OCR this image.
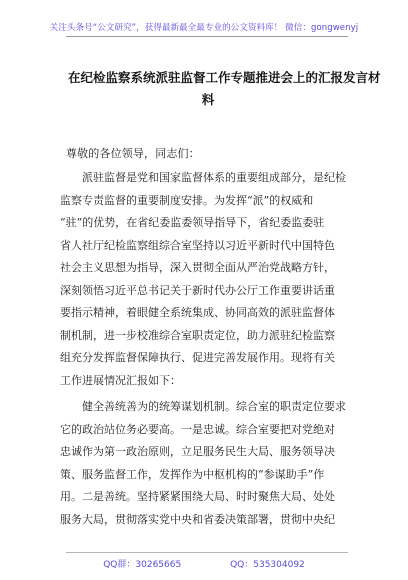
关注头条号“公文研究”，获得最新最全最专业的公文资料库！ 微信：gongwenyj
在纪检监察系统派驻监督工作专题推进会上的汇报发言材
料
尊敬的各位领导，同志们：
　　派驻监督是党和国家监督体系的重要组成部分，是纪检
监察专责监督的重要制度安排。为发挥“派”的权威和
“驻”的优势，在省纪委监委领导指导下，省纪委监委驻
省人社厅纪检监察组综合室坚持以习近平新时代中国特色
社会主义思想为指导，深入贯彻全面从严治党战略方针，
深刻领悟习近平总书记关于新时代办公厅工作重要讲话重
要指示精神，着眼健全系统集成、协同高效的派驻监督体
制机制，进一步校准综合室职责定位，助力派驻纪检监察
组充分发挥监督保障执行、促进完善发展作用。现将有关
工作进展情况汇报如下：
　　健全善统善为的统筹谋划机制。综合室的职责定位要求
它的政治站位务必要高。一是忠诚。综合室要把对党绝对
忠诚作为第一政治原则，立足服务民生大局、服务领导决
策、服务监督工作，发挥作为中枢机构的“参谋助手”作
用。二是善统。坚持紧紧围绕大局、时时聚焦大局、处处
服务大局，贯彻落实党中央和省委决策部署，贯彻中央纪
QQ群：30265665	QQ：535304092
